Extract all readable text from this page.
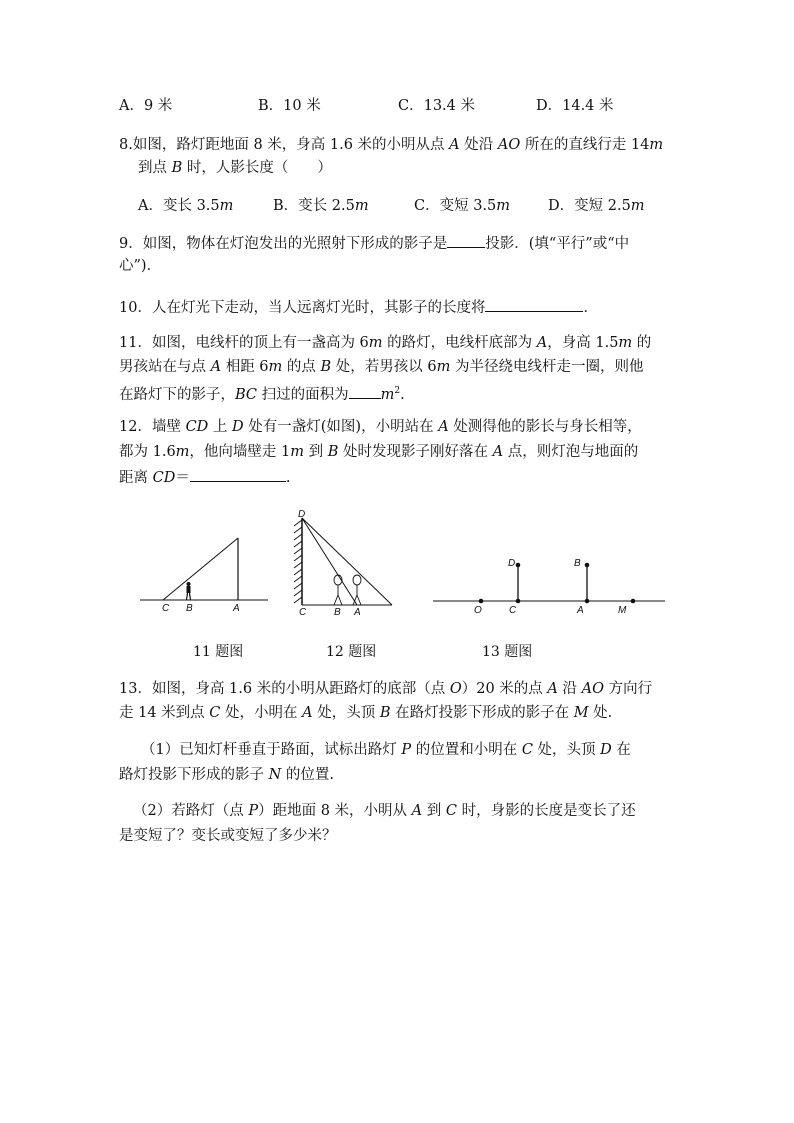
A．9 米	B．10 米	C．13.4 米	D．14.4 米
8.如图，路灯距地面 8 米，身高 1.6 米的小明从点 A 处沿 AO 所在的直线行走 14m
到点 B 时，人影长度（　　）
A．变长 3.5m	B．变长 2.5m	C．变短 3.5m	D．变短 2.5m
9．如图，物体在灯泡发出的光照射下形成的影子是	投影．(填“平行”或“中
心”)．
10．人在灯光下走动，当人远离灯光时，其影子的长度将	．
11．如图，电线杆的顶上有一盏高为 6m 的路灯，电线杆底部为 A，身高 1.5m 的
男孩站在与点 A 相距 6m 的点 B 处，若男孩以 6m 为半径绕电线杆走一圈，则他
在路灯下的影子，BC 扫过的面积为 $m^2$.
12．墙壁 CD 上 D 处有一盏灯(如图)，小明站在 A 处测得他的影长与身长相等，
都为 1.6m，他向墙壁走 1m 到 B 处时发现影子刚好落在 A 点，则灯泡与地面的
距离 CD＝	.
C B	A
11 题图
D
C	B A
12 题图
D	B
O	C	A	M
13 题图
13．如图，身高 1.6 米的小明从距路灯的底部（点 O）20 米的点 A 沿 AO 方向行
走 14 米到点 C 处，小明在 A 处，头顶 B 在路灯投影下形成的影子在 M 处.
（1）已知灯杆垂直于路面，试标出路灯 P 的位置和小明在 C 处，头顶 D 在
路灯投影下形成的影子 N 的位置.
（2）若路灯（点 P）距地面 8 米，小明从 A 到 C 时，身影的长度是变长了还
是变短了？变长或变短了多少米？
